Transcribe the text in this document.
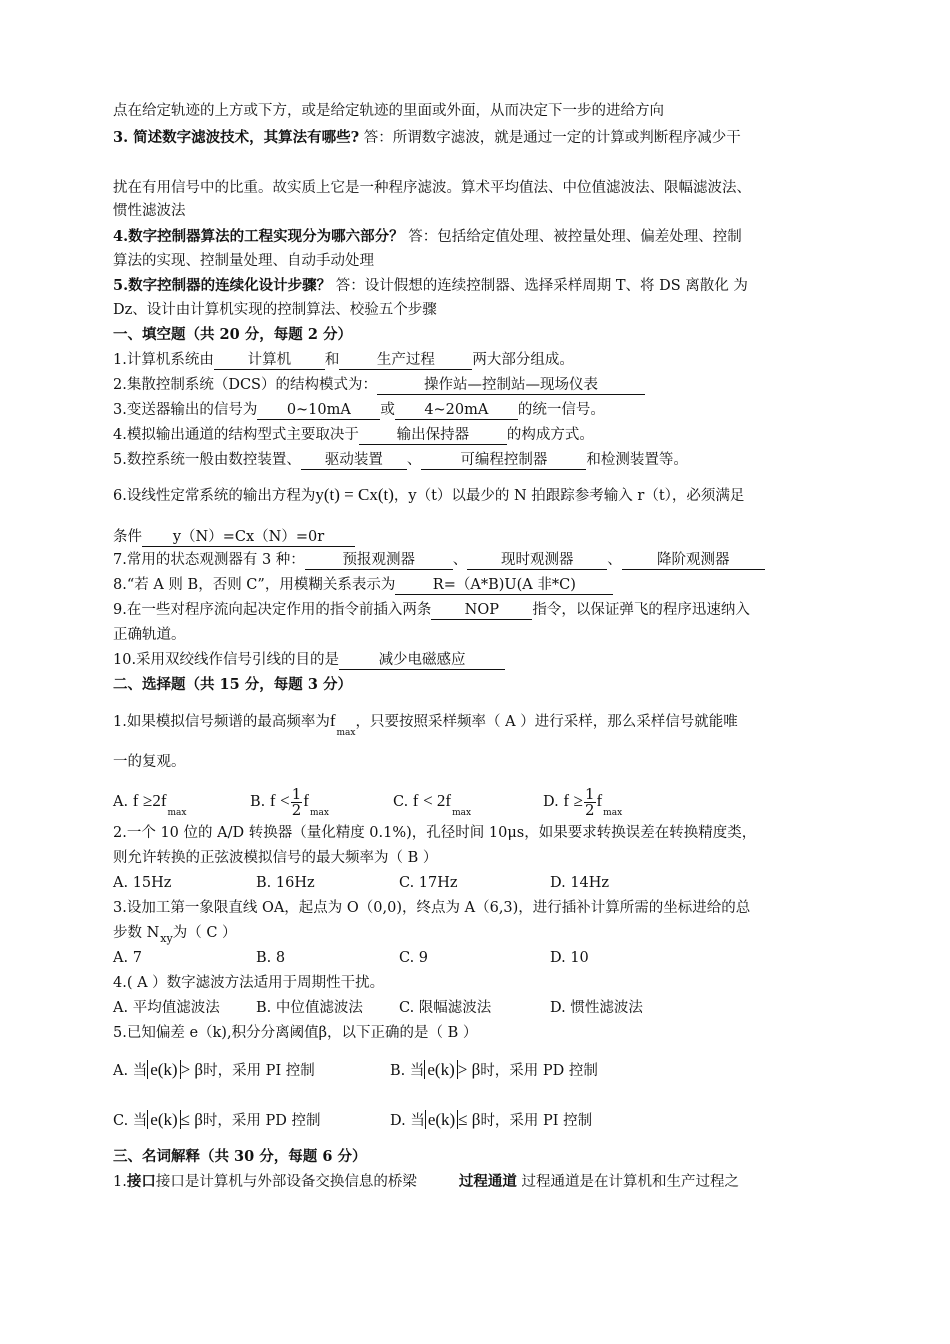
点在给定轨迹的上方或下方，或是给定轨迹的里面或外面，从而决定下一步的进给方向
3. 简述数字滤波技术，其算法有哪些? 答：所谓数字滤波，就是通过一定的计算或判断程序减少干
扰在有用信号中的比重。故实质上它是一种程序滤波。算术平均值法、中位值滤波法、限幅滤波法、
惯性滤波法
4.数字控制器算法的工程实现分为哪六部分？ 答：包括给定值处理、被控量处理、偏差处理、控制
算法的实现、控制量处理、自动手动处理
5.数字控制器的连续化设计步骤？ 答：设计假想的连续控制器、选择采样周期 T、将 DS 离散化 为
Dz、设计由计算机实现的控制算法、校验五个步骤
一、填空题（共 20 分，每题 2 分）
1.计算机系统由 计算机 和	生产过程	两大部分组成。
2.集散控制系统（DCS）的结构模式为：	操作站—控制站—现场仪表
3.变送器输出的信号为 0~10mA 或 4~20mA 的统一信号。
4.模拟输出通道的结构型式主要取决于	输出保持器	的构成方式。
5.数控系统一般由数控装置、 驱动装置 、	可编程控制器	和检测装置等。
6.设线性定常系统的输出方程为y(t) = Cx(t)，y（t）以最少的 N 拍跟踪参考输入 r（t），必须满足
条件 y（N）=Cx（N）=0r
7.常用的状态观测器有 3 种：	预报观测器	、 现时观测器 、 降阶观测器
8.“若 A 则 B，否则 C”，用模糊关系表示为	R=（A*B)U(A 非*C)
9.在一些对程序流向起决定作用的指令前插入两条 NOP 指令，以保证弹飞的程序迅速纳入
正确轨道。
10.采用双绞线作信号引线的目的是	减少电磁感应
二、选择题（共 15 分，每题 3 分）
1.如果模拟信号频谱的最高频率为$f_{max}$，只要按照采样频率（ A ）进行采样，那么采样信号就能唯
一的复观。
A. $f \ge 2f_{max}B$. $f < \frac{1}{2} f_{max}C$. $f < 2f_{max}D$. $f \ge \frac{1}{2} f_{max}$
2.一个 10 位的 A/D 转换器（量化精度 0.1%)，孔径时间 10μs，如果要求转换误差在转换精度类，
则允许转换的正弦波模拟信号的最大频率为（ B ）
A. 15Hz	B. 16Hz	C. 17Hz	D. 14Hz
3.设加工第一象限直线 OA，起点为 O（0,0)，终点为 A（6,3)，进行插补计算所需的坐标进给的总
步数 $N_{xy}$为（ C ）
A. 7	B. 8	C. 9	D. 10
4.( A ）数字滤波方法适用于周期性干扰。
A. 平均值滤波法	B. 中位值滤波法 C. 限幅滤波法	D. 惯性滤波法
5.已知偏差 e（k),积分分离阈值β，以下正确的是（ B ）
A. 当 e(k) > β时，采用 PI 控制	B. 当 e(k) > β时，采用 PD 控制
C. 当 e(k) ≤ β时，采用 PD 控制	D. 当 e(k) ≤ β时，采用 PI 控制
三、名词解释（共 30 分，每题 6 分）
1.接口接口是计算机与外部设备交换信息的桥梁	过程通道 过程通道是在计算机和生产过程之
